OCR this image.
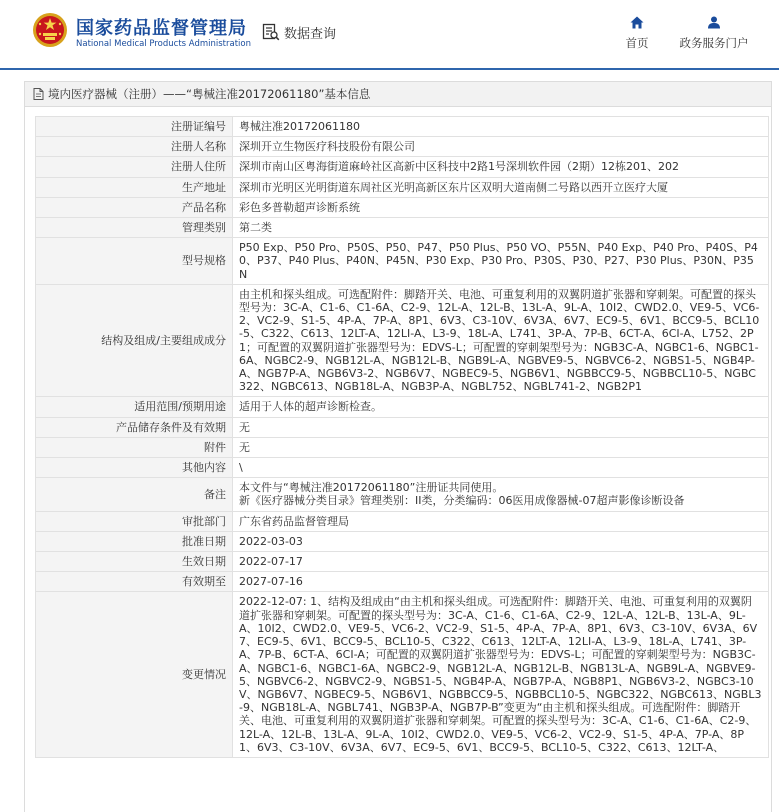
国家药品监督管理局
National Medical Products Administration
数据查询
首页	政务服务门户
境内医疗器械（注册）——“粤械注准20172061180”基本信息
注册证编号	粤械注准20172061180
注册人名称	深圳开立生物医疗科技股份有限公司
注册人住所	深圳市南山区粤海街道麻岭社区高新中区科技中2路1号深圳软件园（2期）12栋201、202
生产地址	深圳市光明区光明街道东周社区光明高新区东片区双明大道南侧二号路以西开立医疗大厦
产品名称	彩色多普勒超声诊断系统
管理类别	第二类
型号规格	P50 Exp、P50 Pro、P50S、P50、P47、P50 Plus、P50 VO、P55N、P40 Exp、P40 Pro、P40S、P40、P37、P40 Plus、P40N、P45N、P30 Exp、P30 Pro、P30S、P30、P27、P30 Plus、P30N、P35N
结构及组成/主要组成成分	由主机和探头组成。可选配附件：脚踏开关、电池、可重复利用的双翼阴道扩张器和穿刺架。可配置的探头型号为：3C-A、C1-6、C1-6A、C2-9、12L-A、12L-B、13L-A、9L-A、10I2、CWD2.0、VE9-5、VC6-2、VC2-9、S1-5、4P-A、7P-A、8P1、6V3、C3-10V、6V3A、6V7、EC9-5、6V1、BCC9-5、BCL10-5、C322、C613、12LT-A、12LI-A、L3-9、18L-A、L741、3P-A、7P-B、6CT-A、6CI-A、L752、2P1；可配置的双翼阴道扩张器型号为：EDVS-L；可配置的穿刺架型号为：NGB3C-A、NGBC1-6、NGBC1-6A、NGBC2-9、NGB12L-A、NGB12L-B、NGB9L-A、NGBVE9-5、NGBVC6-2、NGBS1-5、NGB4P-A、NGB7P-A、NGB6V3-2、NGB6V7、NGBEC9-5、NGB6V1、NGBBCC9-5、NGBBCL10-5、NGBC322、NGBC613、NGB18L-A、NGB3P-A、NGBL752、NGBL741-2、NGB2P1
适用范围/预期用途	适用于人体的超声诊断检查。
产品储存条件及有效期	无
附件	无
其他内容	\
备注	本文件与“粤械注准20172061180”注册证共同使用。
新《医疗器械分类目录》管理类别：II类，分类编码：06医用成像器械-07超声影像诊断设备
审批部门	广东省药品监督管理局
批准日期	2022-03-03
生效日期	2022-07-17
有效期至	2027-07-16
变更情况	2022-12-07: 1、结构及组成由“由主机和探头组成。可选配附件：脚踏开关、电池、可重复利用的双翼阴道扩张器和穿刺架。可配置的探头型号为：3C-A、C1-6、C1-6A、C2-9、12L-A、12L-B、13L-A、9L-A、10I2、CWD2.0、VE9-5、VC6-2、VC2-9、S1-5、4P-A、7P-A、8P1、6V3、C3-10V、6V3A、6V7、EC9-5、6V1、BCC9-5、BCL10-5、C322、C613、12LT-A、12LI-A、L3-9、18L-A、L741、3P-A、7P-B、6CT-A、6CI-A；可配置的双翼阴道扩张器型号为：EDVS-L；可配置的穿刺架型号为：NGB3C-A、NGBC1-6、NGBC1-6A、NGBC2-9、NGB12L-A、NGB12L-B、NGB13L-A、NGB9L-A、NGBVE9-5、NGBVC6-2、NGBVC2-9、NGBS1-5、NGB4P-A、NGB7P-A、NGB8P1、NGB6V3-2、NGBC3-10V、NGB6V7、NGBEC9-5、NGB6V1、NGBBCC9-5、NGBBCL10-5、NGBC322、NGBC613、NGBL3-9、NGB18L-A、NGBL741、NGB3P-A、NGB7P-B”变更为“由主机和探头组成。可选配附件：脚踏开关、电池、可重复利用的双翼阴道扩张器和穿刺架。可配置的探头型号为：3C-A、C1-6、C1-6A、C2-9、12L-A、12L-B、13L-A、9L-A、10I2、CWD2.0、VE9-5、VC6-2、VC2-9、S1-5、4P-A、7P-A、8P1、6V3、C3-10V、6V3A、6V7、EC9-5、6V1、BCC9-5、BCL10-5、C322、C613、12LT-A、
